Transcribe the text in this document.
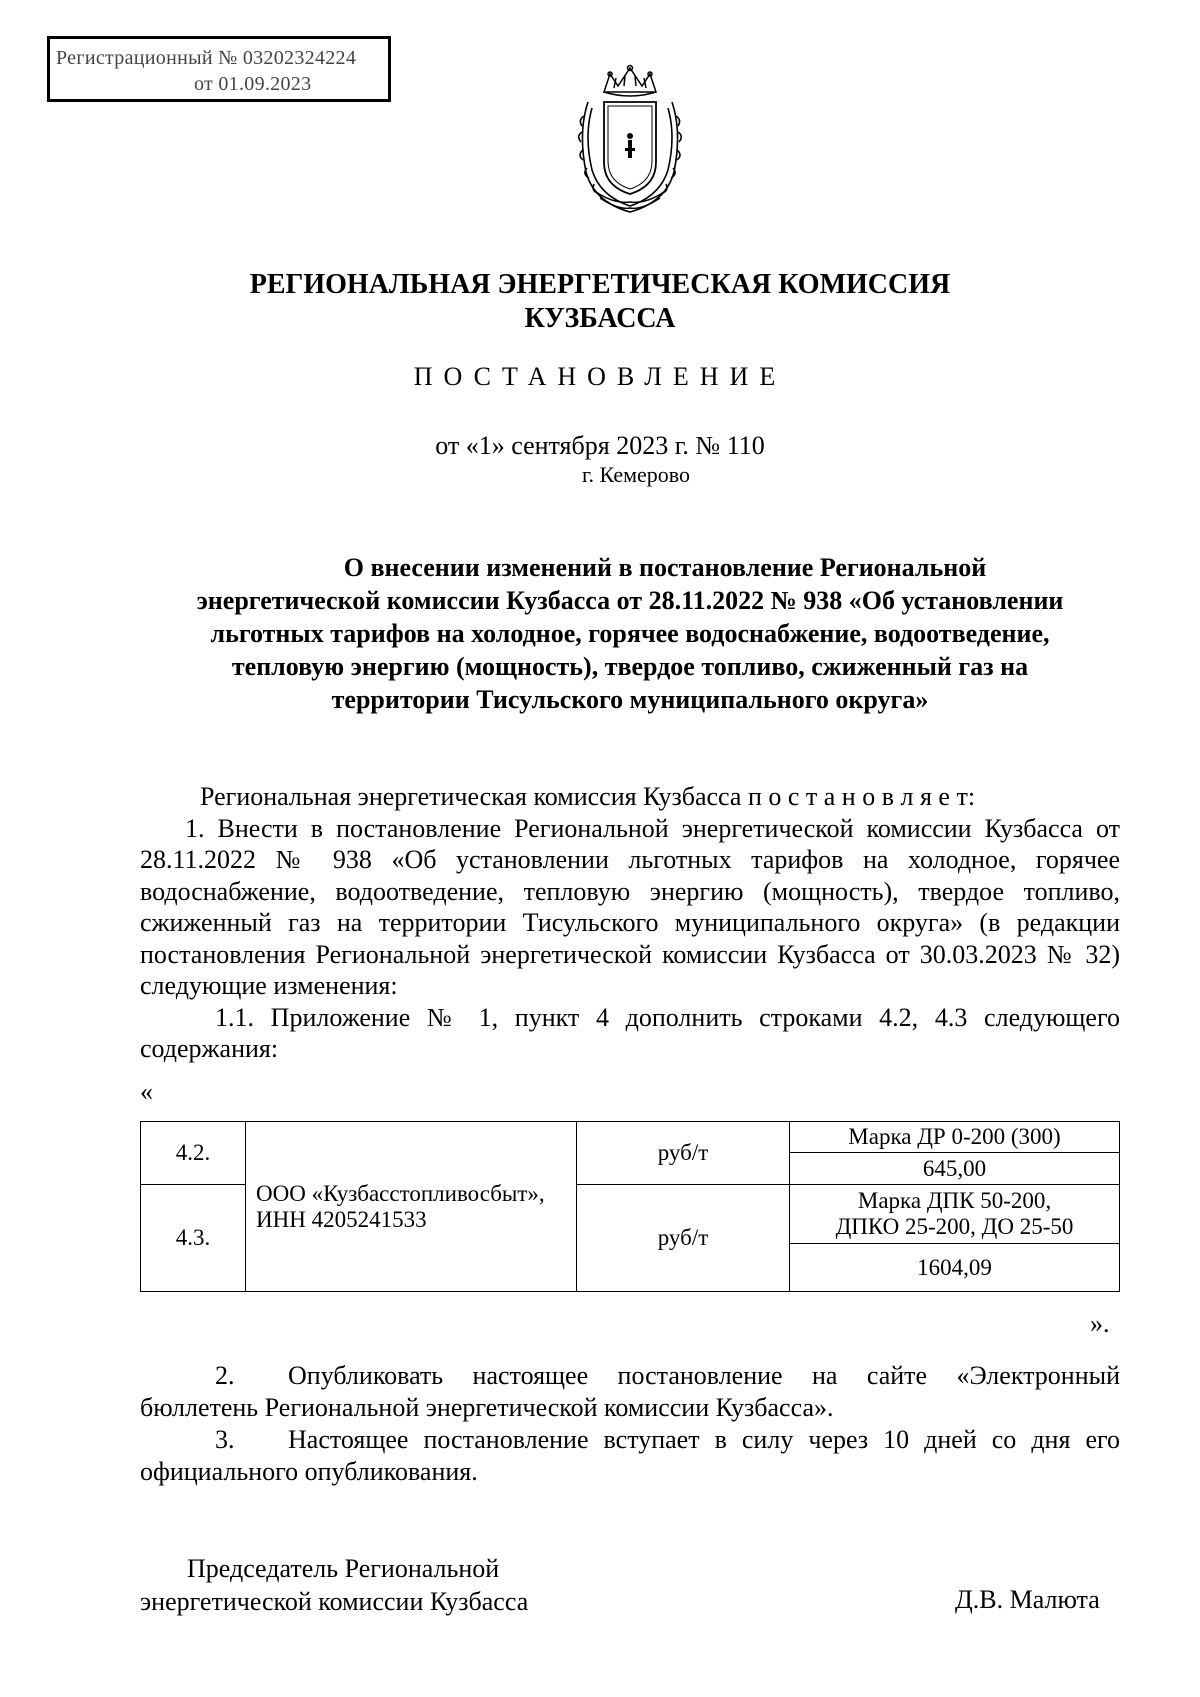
Регистрационный № 03202324224
от 01.09.2023
РЕГИОНАЛЬНАЯ ЭНЕРГЕТИЧЕСКАЯ КОМИССИЯ
КУЗБАССА
ПОСТАНОВЛЕНИЕ
от «1» сентября 2023 г. № 110
г. Кемерово
О внесении изменений в постановление Региональной
энергетической комиссии Кузбасса от 28.11.2022 № 938 «Об установлении
льготных тарифов на холодное, горячее водоснабжение, водоотведение,
тепловую энергию (мощность), твердое топливо, сжиженный газ на
территории Тисульского муниципального округа»
Региональная энергетическая комиссия Кузбасса п о с т а н о в л я е т:
1. Внести в постановление Региональной энергетической комиссии Кузбасса от 28.11.2022 № 938 «Об установлении льготных тарифов на холодное, горячее водоснабжение, водоотведение, тепловую энергию (мощность), твердое топливо, сжиженный газ на территории Тисульского муниципального округа» (в редакции постановления Региональной энергетической комиссии Кузбасса от 30.03.2023 № 32) следующие изменения:
1.1. Приложение № 1, пункт 4 дополнить строками 4.2, 4.3 следующего содержания:
«
4.2.	ООО «Кузбасстопливосбыт», ИНН 4205241533	руб/т	Марка ДР 0-200 (300)
			645,00
4.3.		руб/т	Марка ДПК 50-200, ДПКО 25-200, ДО 25-50

			1604,09
».
2. Опубликовать настоящее постановление на сайте «Электронный бюллетень Региональной энергетической комиссии Кузбасса».
3. Настоящее постановление вступает в силу через 10 дней со дня его официального опубликования.
Председатель Региональной
энергетической комиссии Кузбасса	Д.В. Малюта
